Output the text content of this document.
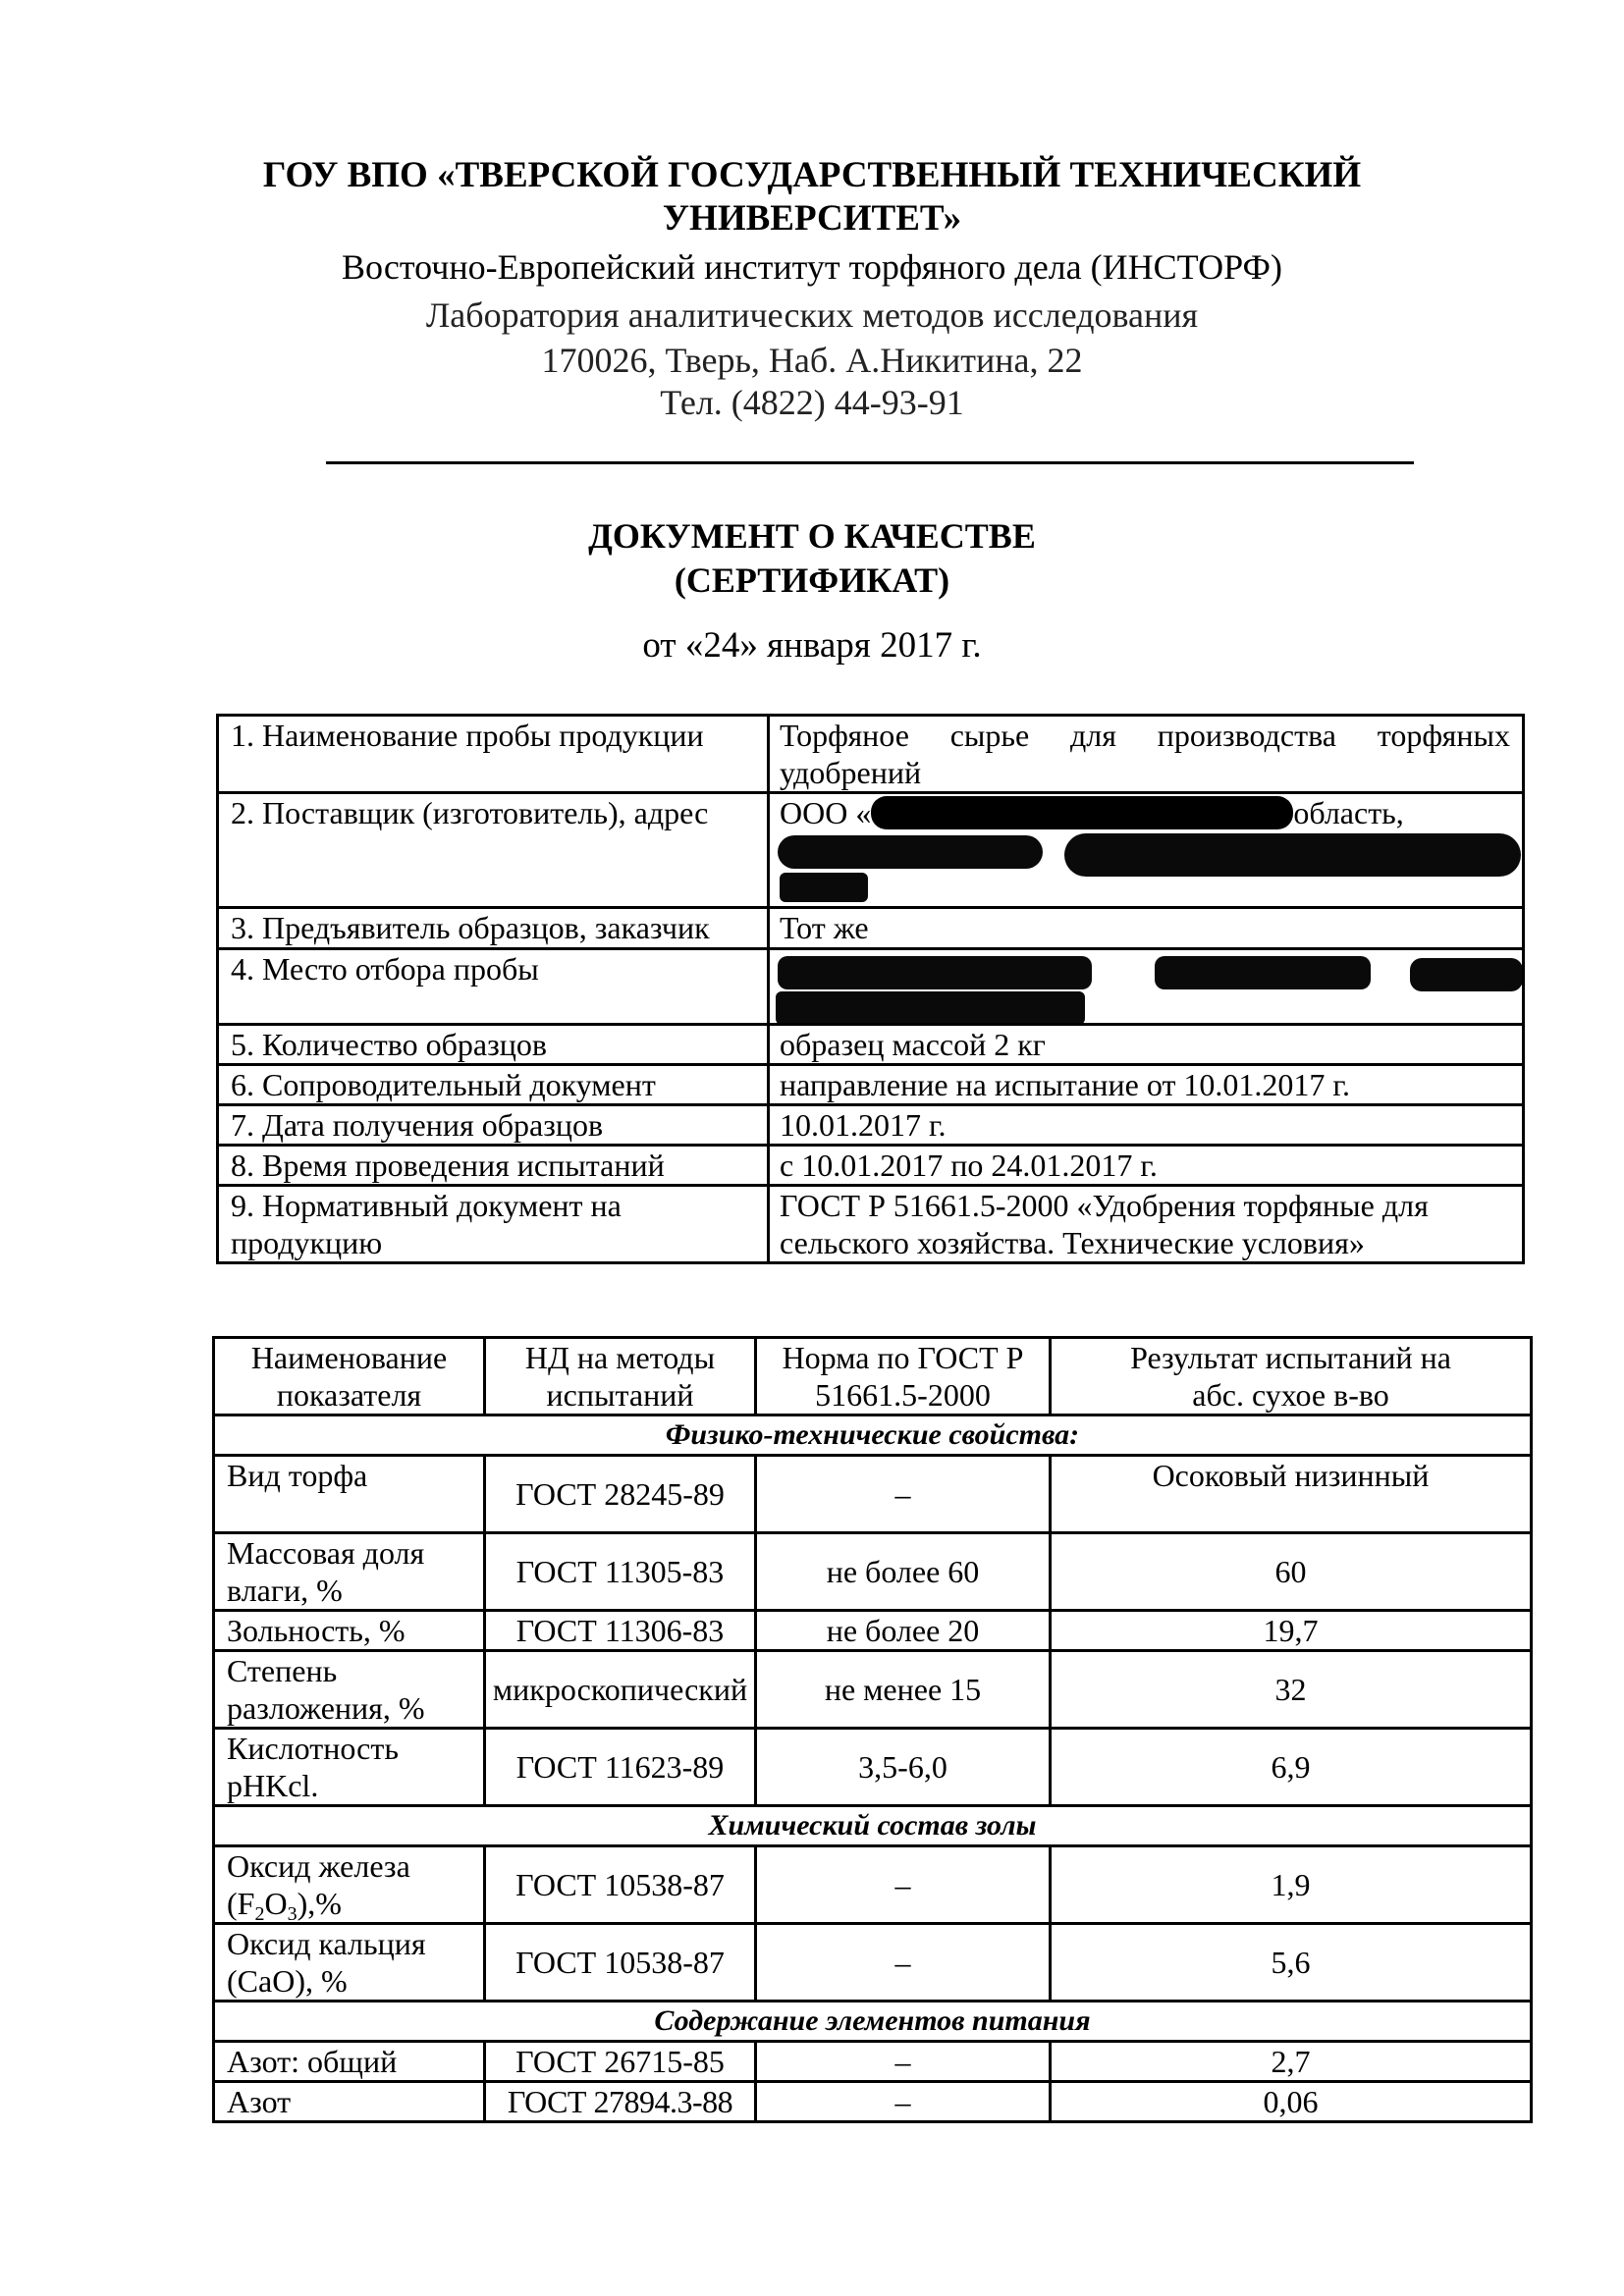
ГОУ ВПО «ТВЕРСКОЙ ГОСУДАРСТВЕННЫЙ ТЕХНИЧЕСКИЙ
УНИВЕРСИТЕТ»
Восточно-Европейский институт торфяного дела (ИНСТОРФ)
Лаборатория аналитических методов исследования
170026, Тверь, Наб. А.Никитина, 22
Тел. (4822) 44-93-91
ДОКУМЕНТ О КАЧЕСТВЕ
(СЕРТИФИКАТ)
от «24» января 2017 г.
1. Наименование пробы продукции	Торфяное сырье для производства торфяных удобрений
2. Поставщик (изготовитель), адрес	ООО « область,

3. Предъявитель образцов, заказчик	Тот же
4. Место отбора пробы	

5. Количество образцов	образец массой 2 кг
6. Сопроводительный документ	направление на испытание от 10.01.2017 г.
7. Дата получения образцов	10.01.2017 г.
8. Время проведения испытаний	с 10.01.2017 по 24.01.2017 г.
9. Нормативный документ на продукцию	ГОСТ Р 51661.5-2000 «Удобрения торфяные для сельского хозяйства. Технические условия»
Наименование показателя	НД на методы испытаний	Норма по ГОСТ Р 51661.5-2000	Результат испытаний на абс. сухое в-во
Физико-технические свойства:			
Вид торфа	ГОСТ 28245-89	–	Осоковый низинный
Массовая доля влаги, %	ГОСТ 11305-83	не более 60	60
Зольность, %	ГОСТ 11306-83	не более 20	19,7
Степень разложения, %	микроскопический	не менее 15	32
Кислотность pHKcl.	ГОСТ 11623-89	3,5-6,0	6,9
Химический состав золы			
Оксид железа $(F_2O_3),\%$	ГОСТ 10538-87	–	1,9
Оксид кальция (CaO), %	ГОСТ 10538-87	–	5,6
Содержание элементов питания			
Азот: общий	ГОСТ 26715-85	–	2,7
Азот	ГОСТ 27894.3-88	–	0,06
